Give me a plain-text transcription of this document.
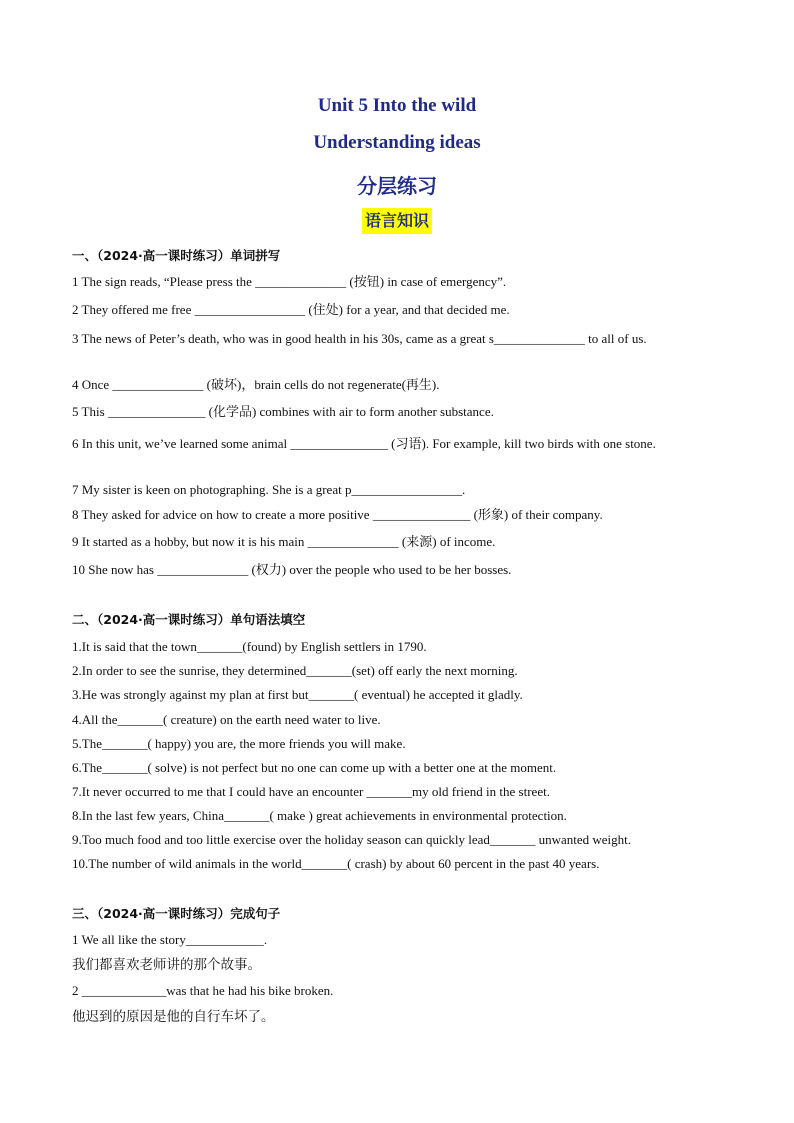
Unit 5 Into the wild
Understanding ideas
分层练习
语言知识
一、（2024·高一课时练习）单词拼写
1 The sign reads, “Please press the ______________ (按钮) in case of emergency”.
2 They offered me free _________________ (住处) for a year, and that decided me.
3 The news of Peter’s death, who was in good health in his 30s, came as a great s______________ to all of us.
4 Once ______________ (破坏)，brain cells do not regenerate(再生).
5 This _______________ (化学品) combines with air to form another substance.
6 In this unit, we’ve learned some animal _______________ (习语). For example, kill two birds with one stone.
7 My sister is keen on photographing. She is a great p_________________.
8 They asked for advice on how to create a more positive _______________ (形象) of their company.
9 It started as a hobby, but now it is his main ______________ (来源) of income.
10 She now has ______________ (权力) over the people who used to be her bosses.
二、（2024·高一课时练习）单句语法填空
1.It is said that the town_______(found) by English settlers in 1790.
2.In order to see the sunrise, they determined_______(set) off early the next morning.
3.He was strongly against my plan at first but_______( eventual) he accepted it gladly.
4.All the_______( creature) on the earth need water to live.
5.The_______( happy) you are, the more friends you will make.
6.The_______( solve) is not perfect but no one can come up with a better one at the moment.
7.It never occurred to me that I could have an encounter _______my old friend in the street.
8.In the last few years, China_______( make ) great achievements in environmental protection.
9.Too much food and too little exercise over the holiday season can quickly lead_______ unwanted weight.
10.The number of wild animals in the world_______( crash) by about 60 percent in the past 40 years.
三、（2024·高一课时练习）完成句子
1 We all like the story____________.
我们都喜欢老师讲的那个故事。
2 _____________was that he had his bike broken.
他迟到的原因是他的自行车坏了。
